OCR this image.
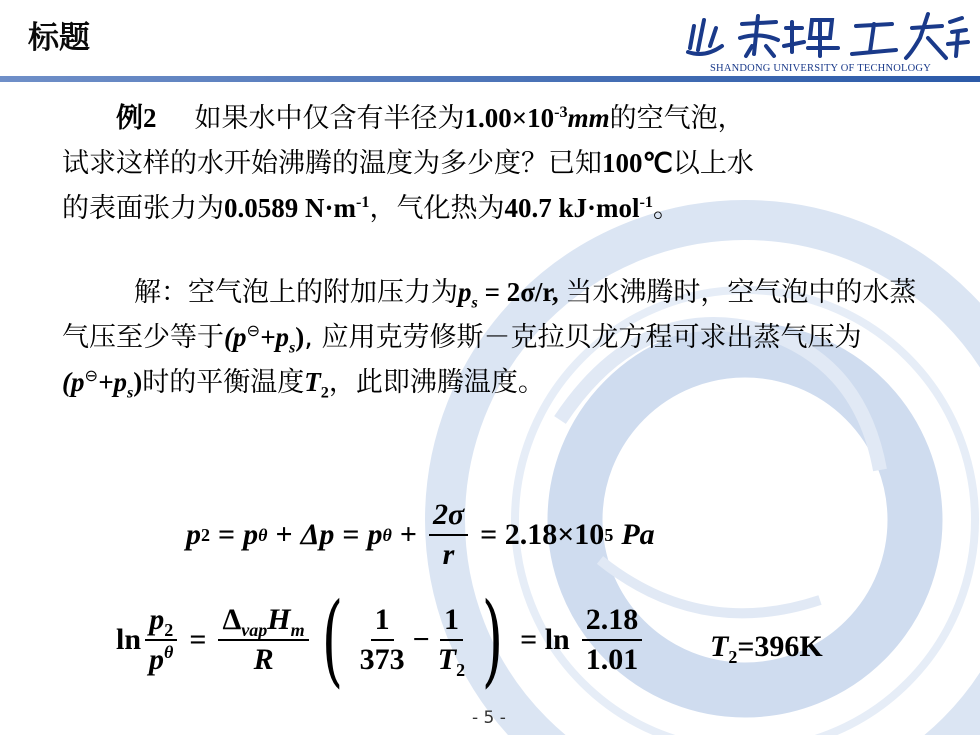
标题
SHANDONG UNIVERSITY OF TECHNOLOGY
例2 如果水中仅含有半径为$1.00\times 10^{-3}mm$的空气泡，
试求这样的水开始沸腾的温度为多少度？已知100℃以上水
的表面张力为0.0589 $N\cdot m^{-1}$，气化热为40.7 kJ·mol$^{-1}$。
解：空气泡上的附加压力为$p_s = 2\sigma/r$, 当水沸腾时，空气泡中的水蒸气压至少等于$(p^⊖+p_s)$, 应用克劳修斯－克拉贝龙方程可求出蒸气压为$(p^⊖+p_s)$时的平衡温度$T_2$，此即沸腾温度。
p 2 = p θ + Δp = p $\theta + \frac{2\sigma}{r} = 2.18\times 10$ 5 Pa
$\ln \frac{p_2}{p^\theta} = \frac{\Delta_{vap}H_m}{R}$ ( $\frac{1}{373} - \frac{1}{T_2}$ ) = $\ln \frac{2.18}{1.01} T_2=396K$
- 5 -
